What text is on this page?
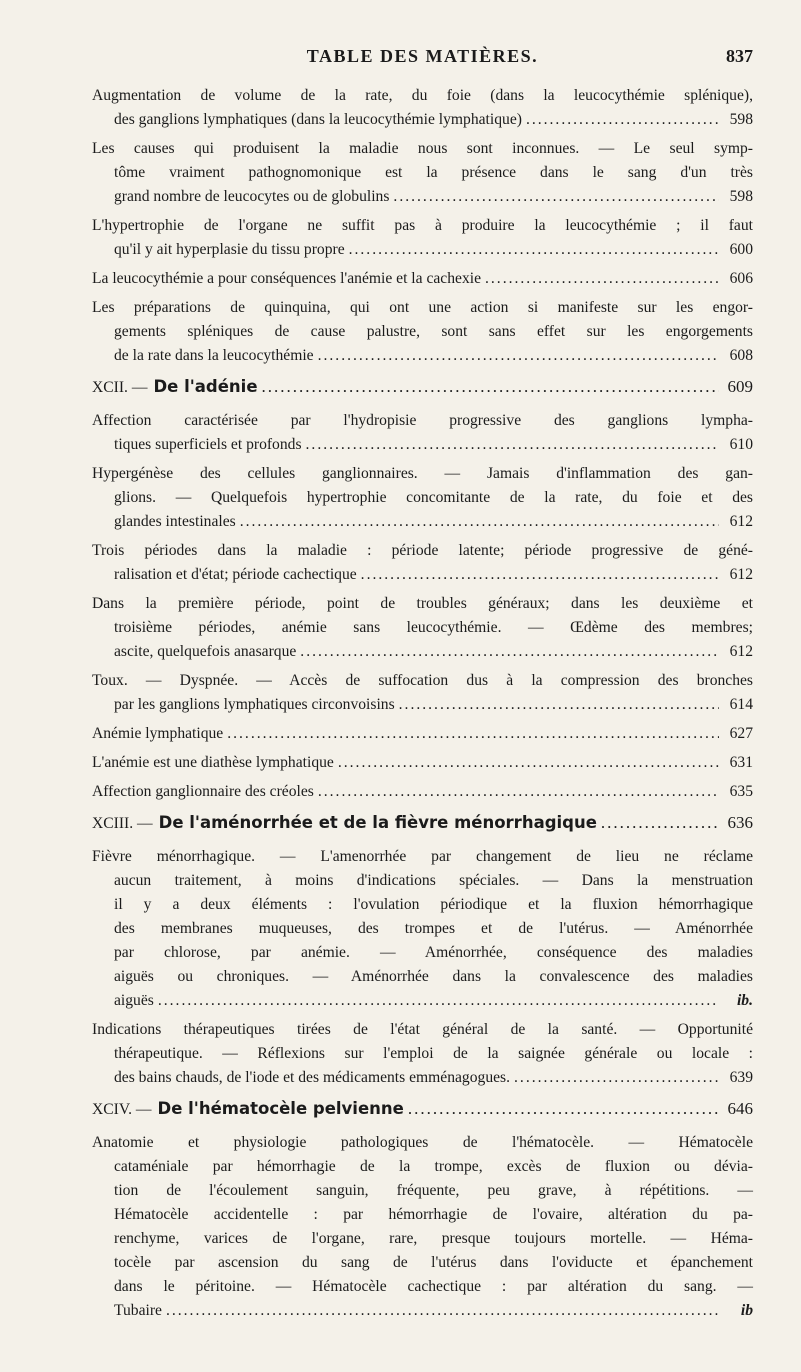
TABLE DES MATIÈRES.	837
Augmentation de volume de la rate, du foie (dans la leucocythémie splénique),
des ganglions lymphatiques (dans la leucocythémie lymphatique) .....	598
Les causes qui produisent la maladie nous sont inconnues. — Le seul symp-
tôme vraiment pathognomonique est la présence dans le sang d'un très
grand nombre de leucocytes ou de globulins .....	598
L'hypertrophie de l'organe ne suffit pas à produire la leucocythémie ; il faut
qu'il y ait hyperplasie du tissu propre .....	600
La leucocythémie a pour conséquences l'anémie et la cachexie .....	606
Les préparations de quinquina, qui ont une action si manifeste sur les engor-
gements spléniques de cause palustre, sont sans effet sur les engorgements
de la rate dans la leucocythémie .....	608
XCII. — De l'adénie .....	609
Affection caractérisée par l'hydropisie progressive des ganglions lympha-
tiques superficiels et profonds .....	610
Hypergénèse des cellules ganglionnaires. — Jamais d'inflammation des gan-
glions. — Quelquefois hypertrophie concomitante de la rate, du foie et des
glandes intestinales .....	612
Trois périodes dans la maladie : période latente; période progressive de géné-
ralisation et d'état; période cachectique .....	612
Dans la première période, point de troubles généraux; dans les deuxième et
troisième périodes, anémie sans leucocythémie. — Œdème des membres;
ascite, quelquefois anasarque .....	612
Toux. — Dyspnée. — Accès de suffocation dus à la compression des bronches
par les ganglions lymphatiques circonvoisins .....	614
Anémie lymphatique .....	627
L'anémie est une diathèse lymphatique .....	631
Affection ganglionnaire des créoles .....	635
XCIII. — De l'aménorrhée et de la fièvre ménorrhagique .....	636
Fièvre ménorrhagique. — L'amenorrhée par changement de lieu ne réclame
aucun traitement, à moins d'indications spéciales. — Dans la menstruation
il y a deux éléments : l'ovulation périodique et la fluxion hémorrhagique
des membranes muqueuses, des trompes et de l'utérus. — Aménorrhée
par chlorose, par anémie. — Aménorrhée, conséquence des maladies
aiguës ou chroniques. — Aménorrhée dans la convalescence des maladies
aiguës .....	ib.
Indications thérapeutiques tirées de l'état général de la santé. — Opportunité
thérapeutique. — Réflexions sur l'emploi de la saignée générale ou locale :
des bains chauds, de l'iode et des médicaments emménagogues. .....	639
XCIV. — De l'hématocèle pelvienne .....	646
Anatomie et physiologie pathologiques de l'hématocèle. — Hématocèle
cataméniale par hémorrhagie de la trompe, excès de fluxion ou dévia-
tion de l'écoulement sanguin, fréquente, peu grave, à répétitions. —
Hématocèle accidentelle : par hémorrhagie de l'ovaire, altération du pa-
renchyme, varices de l'organe, rare, presque toujours mortelle. — Héma-
tocèle par ascension du sang de l'utérus dans l'oviducte et épanchement
dans le péritoine. — Hématocèle cachectique : par altération du sang. —
Tubaire .....	ib
